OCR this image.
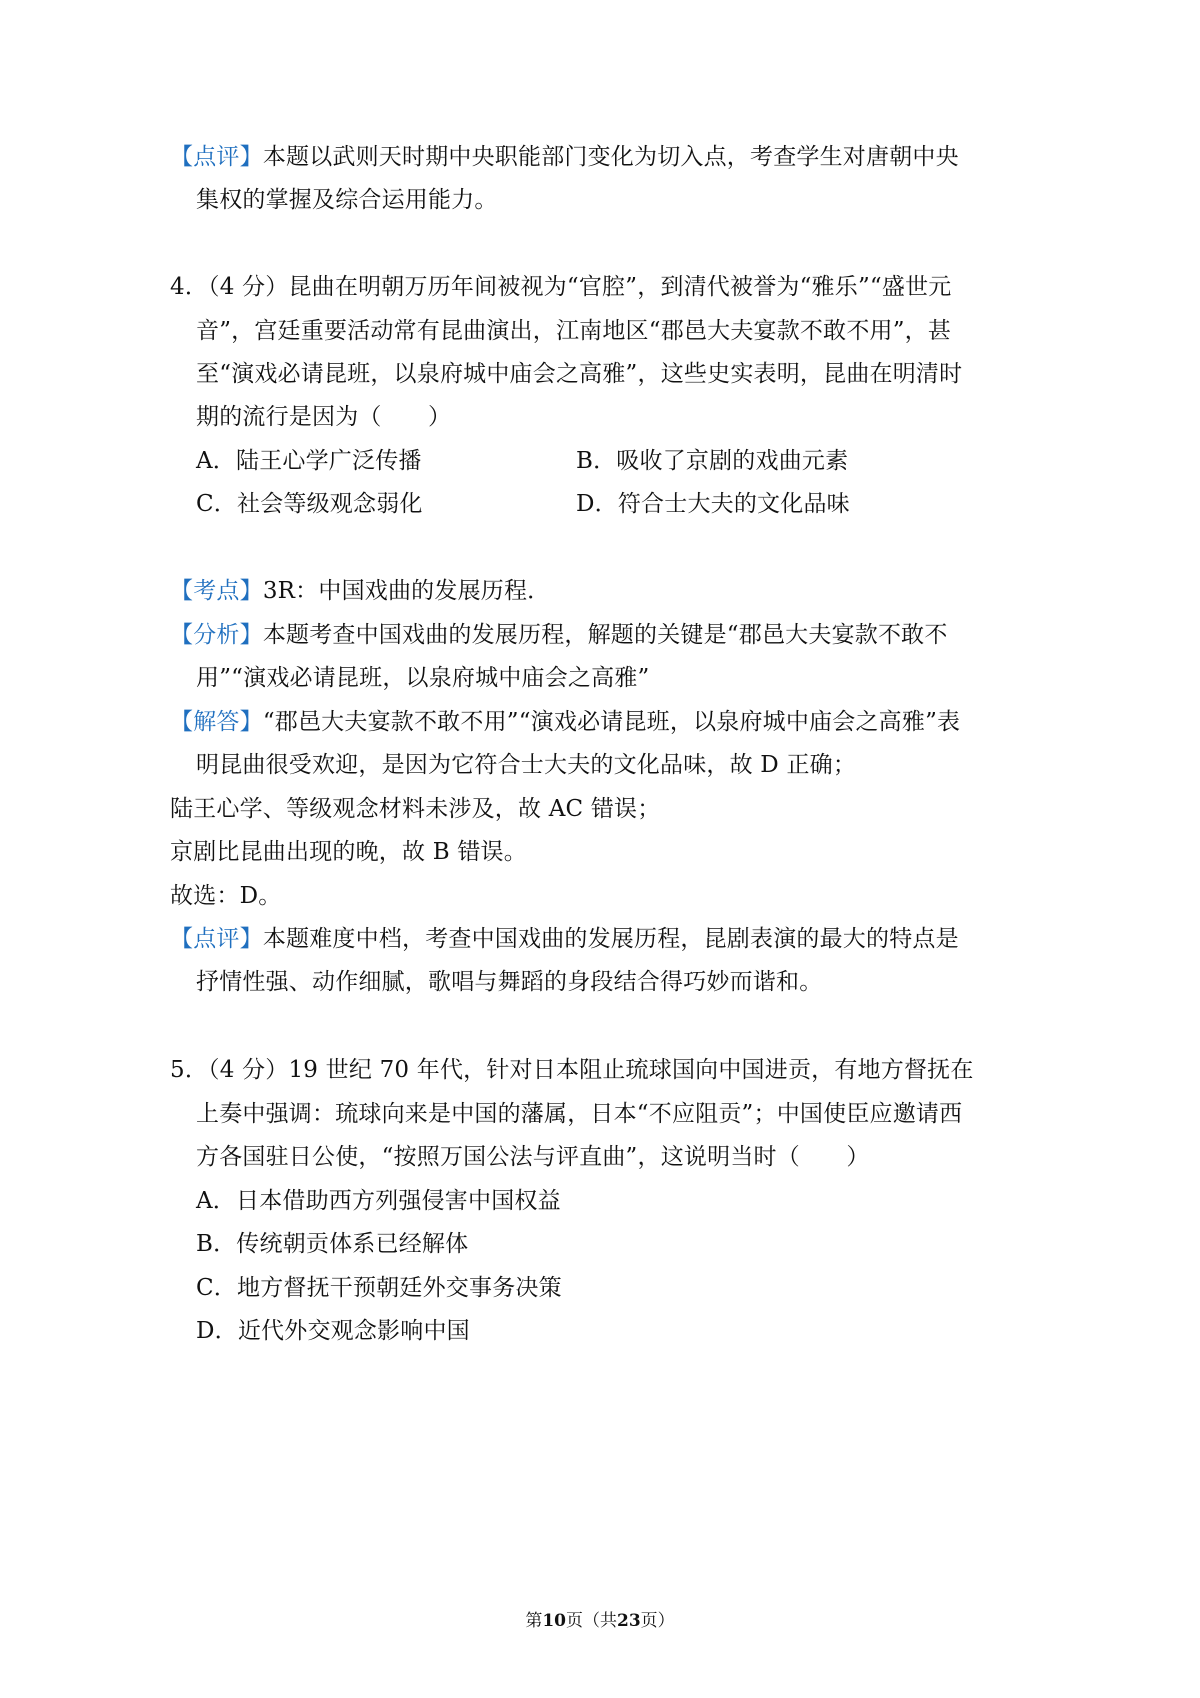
【点评】本题以武则天时期中央职能部门变化为切入点，考查学生对唐朝中央
集权的掌握及综合运用能力。
4．（4 分）昆曲在明朝万历年间被视为“官腔”，到清代被誉为“雅乐”“盛世元
音”，宫廷重要活动常有昆曲演出，江南地区“郡邑大夫宴款不敢不用”，甚
至“演戏必请昆班，以泉府城中庙会之高雅”，这些史实表明，昆曲在明清时
期的流行是因为（　　）
A．陆王心学广泛传播	B．吸收了京剧的戏曲元素
C．社会等级观念弱化	D．符合士大夫的文化品味
【考点】3R：中国戏曲的发展历程．
【分析】本题考查中国戏曲的发展历程，解题的关键是“郡邑大夫宴款不敢不
用”“演戏必请昆班，以泉府城中庙会之高雅”
【解答】“郡邑大夫宴款不敢不用”“演戏必请昆班，以泉府城中庙会之高雅”表
明昆曲很受欢迎，是因为它符合士大夫的文化品味，故 D 正确；
陆王心学、等级观念材料未涉及，故 AC 错误；
京剧比昆曲出现的晚，故 B 错误。
故选：D。
【点评】本题难度中档，考查中国戏曲的发展历程，昆剧表演的最大的特点是
抒情性强、动作细腻，歌唱与舞蹈的身段结合得巧妙而谐和。
5．（4 分）19 世纪 70 年代，针对日本阻止琉球国向中国进贡，有地方督抚在
上奏中强调：琉球向来是中国的藩属，日本“不应阻贡”；中国使臣应邀请西
方各国驻日公使，“按照万国公法与评直曲”，这说明当时（　　）
A．日本借助西方列强侵害中国权益
B．传统朝贡体系已经解体
C．地方督抚干预朝廷外交事务决策
D．近代外交观念影响中国
第10页（共23页）
